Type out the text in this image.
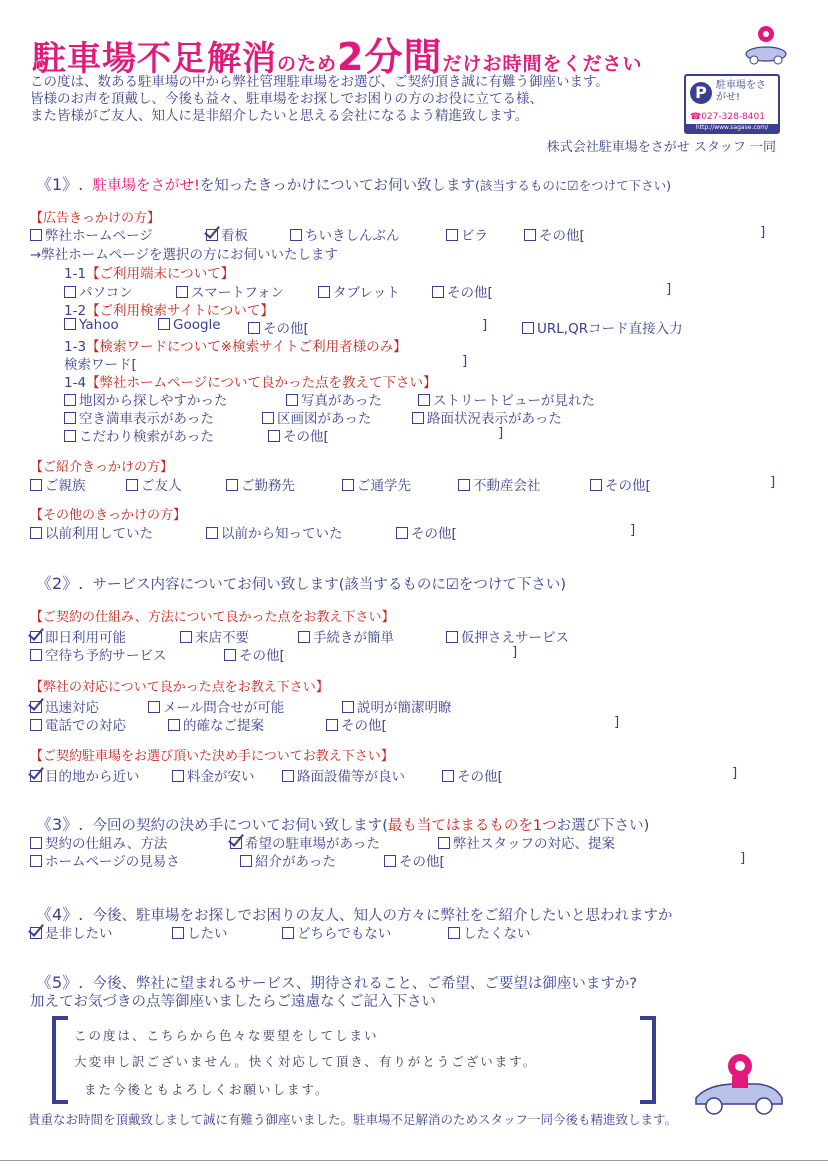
駐車場不足解消のため2分間だけお時間をください
この度は、数ある駐車場の中から弊社管理駐車場をお選び、ご契約頂き誠に有難う御座います。
皆様のお声を頂戴し、今後も益々、駐車場をお探しでお困りの方のお役に立てる様、
また皆様がご友人、知人に是非紹介したいと思える会社になるよう精進致します。
P 駐車場をさがせ!
☎027-328-8401
http://www.sagase.com/
株式会社駐車場をさがせ スタッフ 一同
《1》. 駐車場をさがせ!を知ったきっかけについてお伺い致します(該当するものに☑をつけて下さい)
【広告きっかけの方】
弊社ホームページ	看板	ちいきしんぶん	ビラ	その他[	]
→弊社ホームページを選択の方にお伺いいたします
1-1【ご利用端末について】
パソコン	スマートフォン	タブレット	その他[	]
1-2【ご利用検索サイトについて】
Yahoo	Google	その他[	]	URL,QRコード直接入力
1-3【検索ワードについて※検索サイトご利用者様のみ】
検索ワード[	]
1-4【弊社ホームページについて良かった点を教えて下さい】
地図から探しやすかった	写真があった	ストリートビューが見れた
空き満車表示があった	区画図があった	路面状況表示があった
こだわり検索があった	その他[	]
【ご紹介きっかけの方】
ご親族	ご友人	ご勤務先	ご通学先	不動産会社	その他[	]
【その他のきっかけの方】
以前利用していた	以前から知っていた	その他[	]
《2》. サービス内容についてお伺い致します(該当するものに☑をつけて下さい)
【ご契約の仕組み、方法について良かった点をお教え下さい】
即日利用可能	来店不要	手続きが簡単	仮押さえサービス
空待ち予約サービス	その他[	]
【弊社の対応について良かった点をお教え下さい】
迅速対応	メール問合せが可能	説明が簡潔明瞭
電話での対応	的確なご提案	その他[	]
【ご契約駐車場をお選び頂いた決め手についてお教え下さい】
目的地から近い	料金が安い	路面設備等が良い	その他[	]
《3》. 今回の契約の決め手についてお伺い致します(最も当てはまるものを1つお選び下さい)
契約の仕組み、方法	希望の駐車場があった	弊社スタッフの対応、提案
ホームページの見易さ	紹介があった	その他[	]
《4》. 今後、駐車場をお探しでお困りの友人、知人の方々に弊社をご紹介したいと思われますか
是非したい	したい	どちらでもない	したくない
《5》. 今後、弊社に望まれるサービス、期待されること、ご希望、ご要望は御座いますか?
加えてお気づきの点等御座いましたらご遠慮なくご記入下さい
この度は、こちらから色々な要望をしてしまい
大変申し訳ございません。快く対応して頂き、有りがとうございます。
また今後ともよろしくお願いします。
貴重なお時間を頂戴致しまして誠に有難う御座いました。駐車場不足解消のためスタッフ一同今後も精進致します。
